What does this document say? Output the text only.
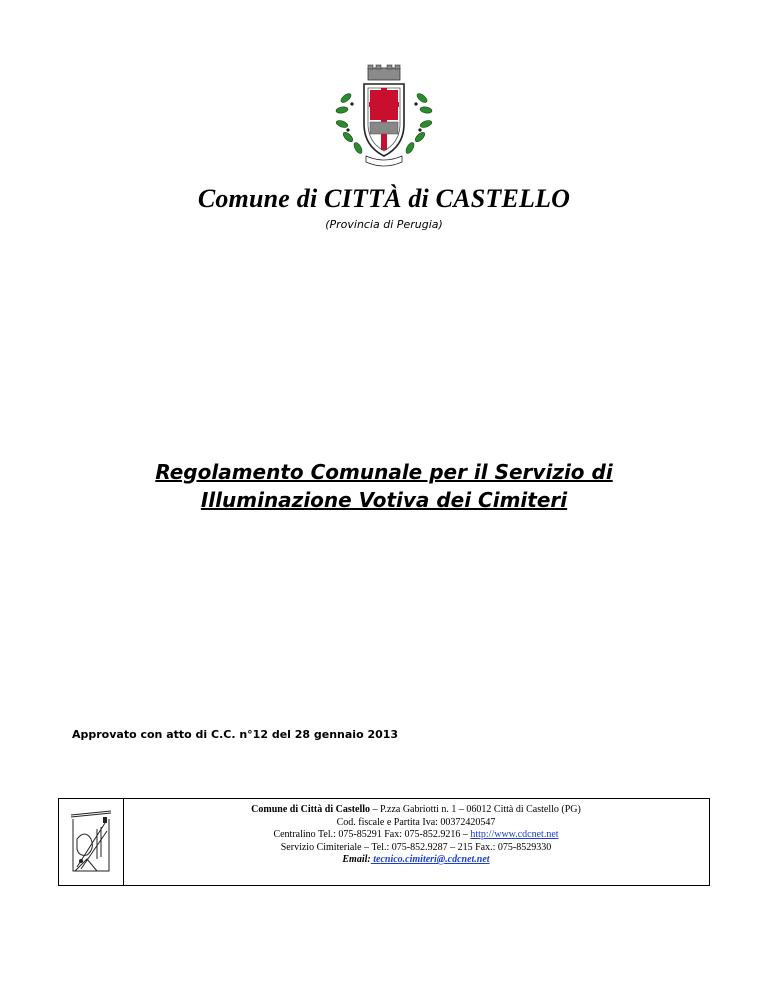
Comune di CITTÀ di CASTELLO
(Provincia di Perugia)
Regolamento Comunale per il Servizio di
Illuminazione Votiva dei Cimiteri
Approvato con atto di C.C. n°12 del 28 gennaio 2013
Comune di Città di Castello – P.zza Gabriotti n. 1 – 06012 Città di Castello (PG)
Cod. fiscale e Partita Iva: 00372420547
Centralino Tel.: 075-85291 Fax: 075-852.9216 – http://www.cdcnet.net
Servizio Cimiteriale – Tel.: 075-852.9287 – 215 Fax.: 075-8529330
Email: tecnico.cimiteri@.cdcnet.net
